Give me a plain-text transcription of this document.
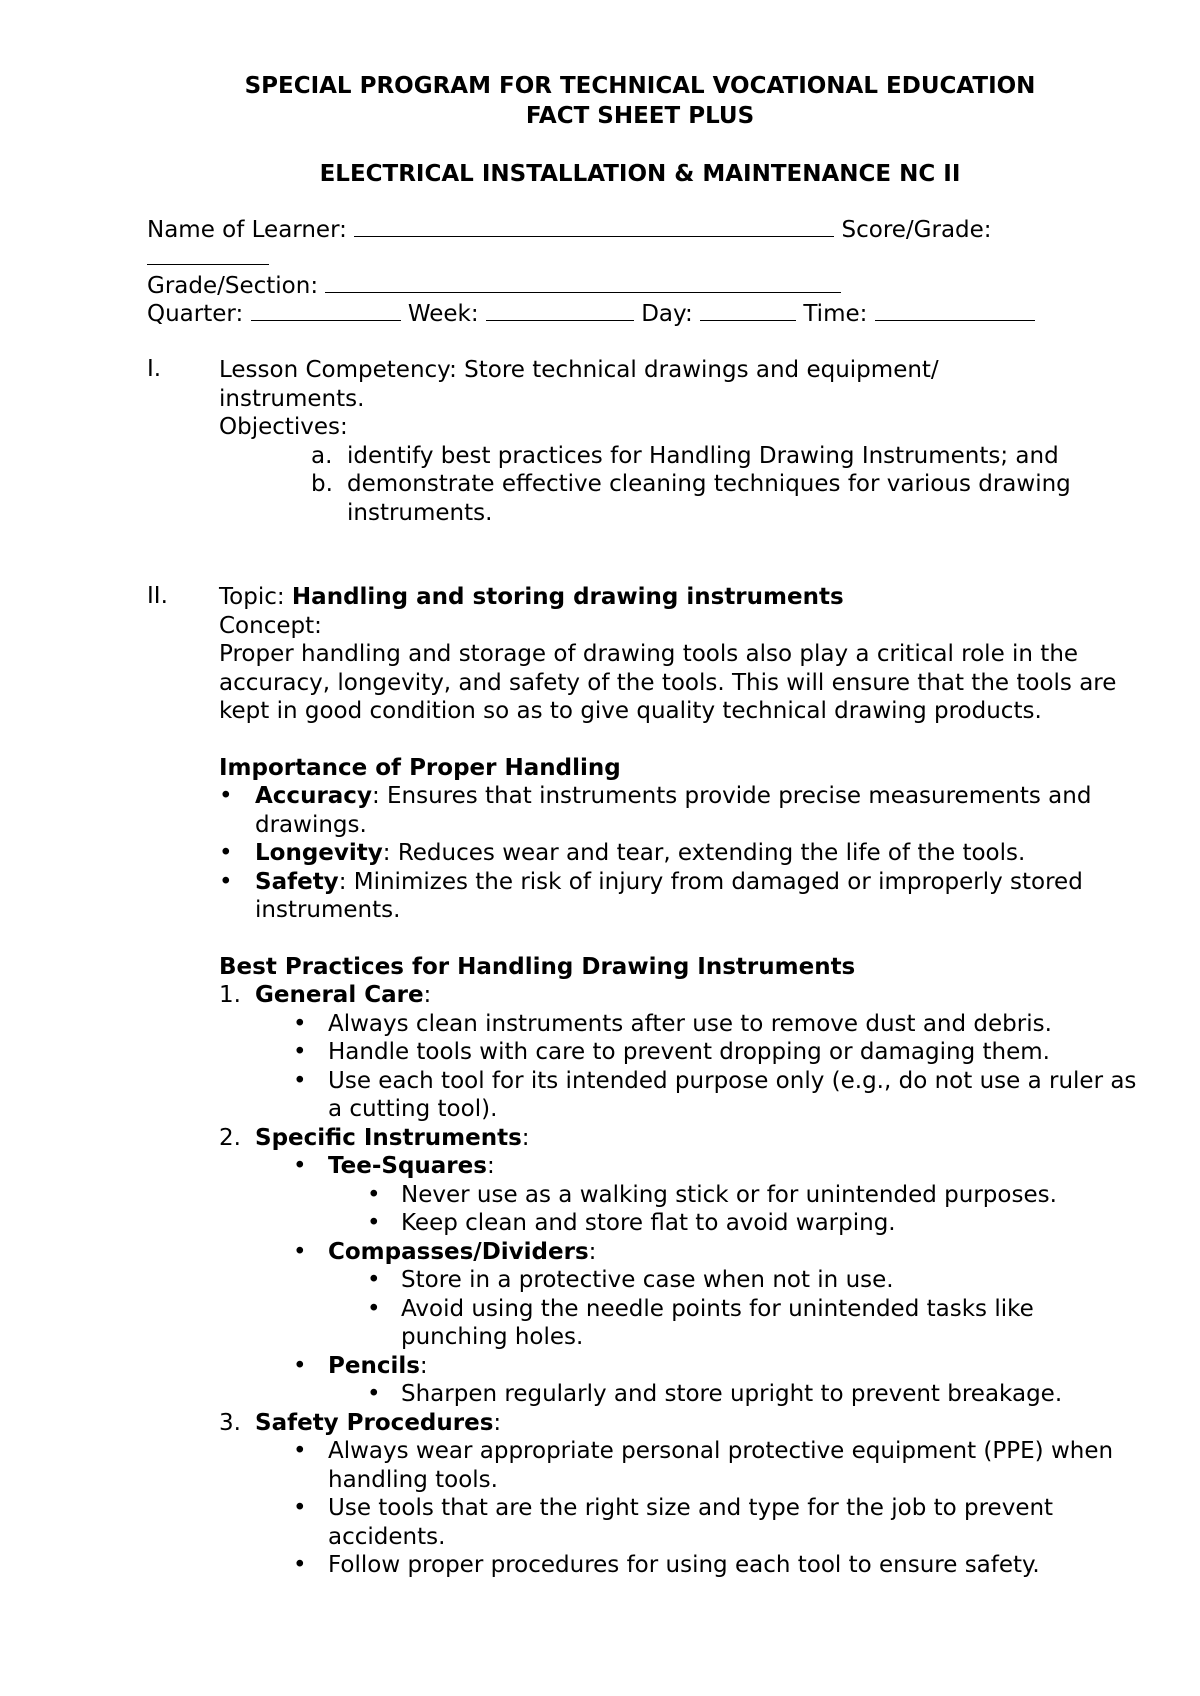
SPECIAL PROGRAM FOR TECHNICAL VOCATIONAL EDUCATION
FACT SHEET PLUS
ELECTRICAL INSTALLATION & MAINTENANCE NC II
Name of Learner:	Score/Grade:
Grade/Section:
Quarter:	Week:	Day:	Time:
I.	Lesson Competency: Store technical drawings and equipment/ instruments.
Objectives:
a. identify best practices for Handling Drawing Instruments; and
b. demonstrate effective cleaning techniques for various drawing instruments.
II. Topic: Handling and storing drawing instruments
Concept:
Proper handling and storage of drawing tools also play a critical role in the accuracy, longevity, and safety of the tools. This will ensure that the tools are kept in good condition so as to give quality technical drawing products.
Importance of Proper Handling
• Accuracy: Ensures that instruments provide precise measurements and drawings.
• Longevity: Reduces wear and tear, extending the life of the tools.
• Safety: Minimizes the risk of injury from damaged or improperly stored instruments.
Best Practices for Handling Drawing Instruments
1. General Care:
• Always clean instruments after use to remove dust and debris.
• Handle tools with care to prevent dropping or damaging them.
• Use each tool for its intended purpose only (e.g., do not use a ruler as a cutting tool).
2. Specific Instruments:
• Tee-Squares:
• Never use as a walking stick or for unintended purposes.
• Keep clean and store flat to avoid warping.
• Compasses/Dividers:
• Store in a protective case when not in use.
• Avoid using the needle points for unintended tasks like punching holes.
• Pencils:
• Sharpen regularly and store upright to prevent breakage.
3. Safety Procedures:
• Always wear appropriate personal protective equipment (PPE) when handling tools.
• Use tools that are the right size and type for the job to prevent accidents.
• Follow proper procedures for using each tool to ensure safety.
